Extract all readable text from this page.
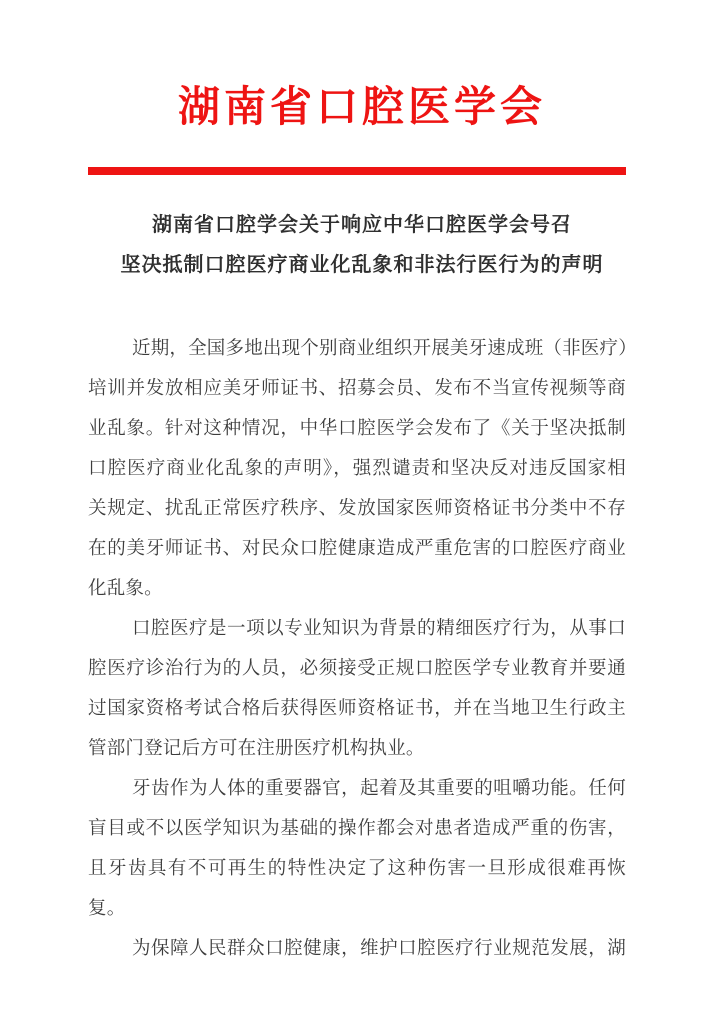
湖南省口腔医学会
湖南省口腔学会关于响应中华口腔医学会号召
坚决抵制口腔医疗商业化乱象和非法行医行为的声明
近期，全国多地出现个别商业组织开展美牙速成班（非医疗）
培训并发放相应美牙师证书、招募会员、发布不当宣传视频等商
业乱象。针对这种情况，中华口腔医学会发布了《关于坚决抵制
口腔医疗商业化乱象的声明》，强烈谴责和坚决反对违反国家相
关规定、扰乱正常医疗秩序、发放国家医师资格证书分类中不存
在的美牙师证书、对民众口腔健康造成严重危害的口腔医疗商业
化乱象。
口腔医疗是一项以专业知识为背景的精细医疗行为，从事口
腔医疗诊治行为的人员，必须接受正规口腔医学专业教育并要通
过国家资格考试合格后获得医师资格证书，并在当地卫生行政主
管部门登记后方可在注册医疗机构执业。
牙齿作为人体的重要器官，起着及其重要的咀嚼功能。任何
盲目或不以医学知识为基础的操作都会对患者造成严重的伤害，
且牙齿具有不可再生的特性决定了这种伤害一旦形成很难再恢
复。
为保障人民群众口腔健康，维护口腔医疗行业规范发展，湖
